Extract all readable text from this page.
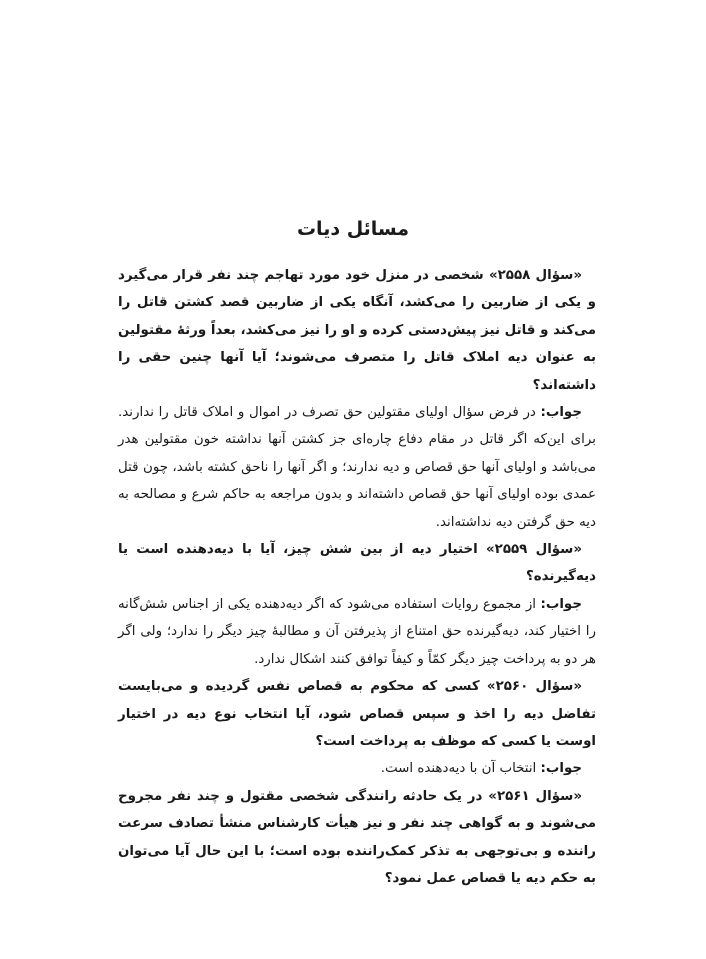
مسائل دیات

«سؤال ۲۵۵۸» شخصی در منزل خود مورد تهاجم چند نفر قرار می‌گیرد و یکی از ضاربین را می‌کشد، آنگاه یکی از ضاربین قصد کشتن قاتل را می‌کند و قاتل نیز پیش‌دستی کرده و او را نیز می‌کشد، بعداً ورثهٔ مقتولین به عنوان دیه املاک قاتل را متصرف می‌شوند؛ آیا آنها چنین حقی را داشته‌اند؟

جواب: در فرض سؤال اولیای مقتولین حق تصرف در اموال و املاک قاتل را ندارند. برای این‌که اگر قاتل در مقام دفاع چاره‌ای جز کشتن آنها نداشته خون مقتولین هدر می‌باشد و اولیای آنها حق قصاص و دیه ندارند؛ و اگر آنها را ناحق کشته باشد، چون قتل عمدی بوده اولیای آنها حق قصاص داشته‌اند و بدون مراجعه به حاکم شرع و مصالحه به دیه حق گرفتن دیه نداشته‌اند.

«سؤال ۲۵۵۹» اختیار دیه از بین شش چیز، آیا با دیه‌دهنده است یا دیه‌گیرنده؟

جواب: از مجموع روایات استفاده می‌شود که اگر دیه‌دهنده یکی از اجناس شش‌گانه را اختیار کند، دیه‌گیرنده حق امتناع از پذیرفتن آن و مطالبهٔ چیز دیگر را ندارد؛ ولی اگر هر دو به پرداخت چیز دیگر کمّاً و کیفاً توافق کنند اشکال ندارد.

«سؤال ۲۵۶۰» کسی که محکوم به قصاص نفس گردیده و می‌بایست تفاضل دیه را اخذ و سپس قصاص شود، آیا انتخاب نوع دیه در اختیار اوست یا کسی که موظف به پرداخت است؟

جواب: انتخاب آن با دیه‌دهنده است.

«سؤال ۲۵۶۱» در یک حادثه رانندگی شخصی مقتول و چند نفر مجروح می‌شوند و به گواهی چند نفر و نیز هیأت کارشناس منشأ تصادف سرعت راننده و بی‌توجهی به تذکر کمک‌راننده بوده است؛ با این حال آیا می‌توان به حکم دیه یا قصاص عمل نمود؟
